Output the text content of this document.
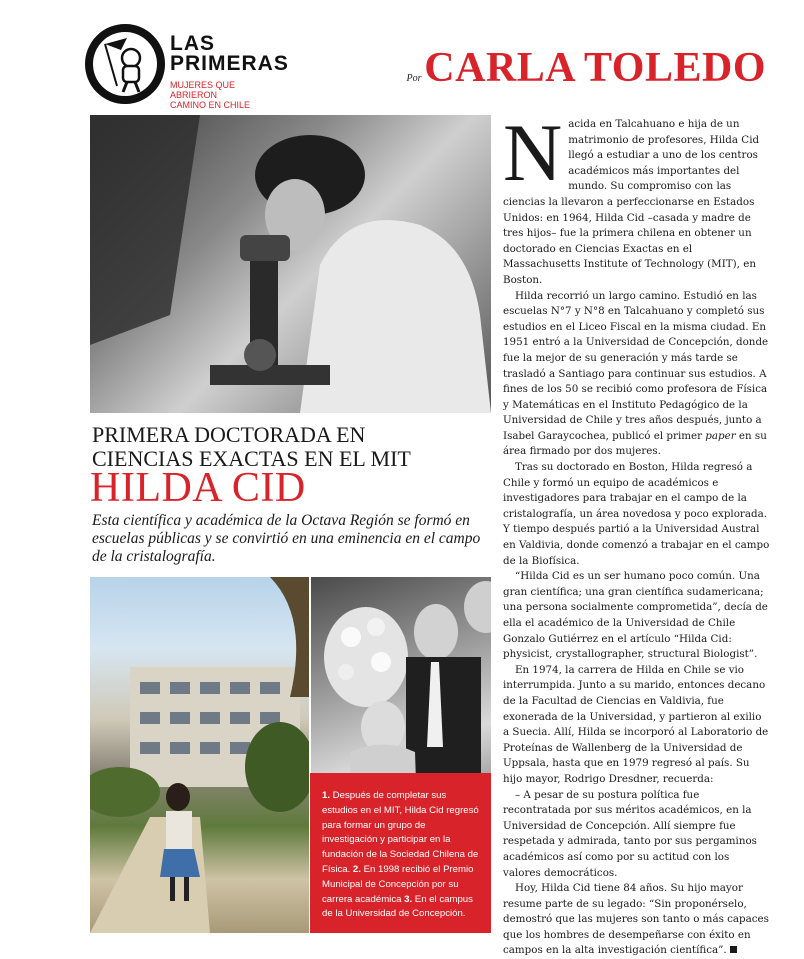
LAS
PRIMERAS
MUJERES QUE ABRIERON
CAMINO EN CHILE
Por CARLA TOLEDO
PRIMERA DOCTORADA EN
CIENCIAS EXACTAS EN EL MIT
HILDA CID
Esta científica y académica de la Octava Región se formó en escuelas públicas y se convirtió en una eminencia en el campo de la cristalografía.
1. Después de completar sus estudios en el MIT, Hilda Cid regresó para formar un grupo de investigación y participar en la fundación de la Sociedad Chilena de Física. 2. En 1998 recibió el Premio Municipal de Concepción por su carrera académica 3. En el campus de la Universidad de Concepción.

Nacida en Talcahuano e hija de un matrimonio de profesores, Hilda Cid llegó a estudiar a uno de los centros académicos más importantes del mundo. Su compromiso con las ciencias la llevaron a perfeccionarse en Estados Unidos: en 1964, Hilda Cid –casada y madre de tres hijos– fue la primera chilena en obtener un doctorado en Ciencias Exactas en el Massachusetts Institute of Technology (MIT), en Boston.

Hilda recorrió un largo camino. Estudió en las escuelas N°7 y N°8 en Talcahuano y completó sus estudios en el Liceo Fiscal en la misma ciudad. En 1951 entró a la Universidad de Concepción, donde fue la mejor de su generación y más tarde se trasladó a Santiago para continuar sus estudios. A fines de los 50 se recibió como profesora de Física y Matemáticas en el Instituto Pedagógico de la Universidad de Chile y tres años después, junto a Isabel Garaycochea, publicó el primer paper en su área firmado por dos mujeres.

Tras su doctorado en Boston, Hilda regresó a Chile y formó un equipo de académicos e investigadores para trabajar en el campo de la cristalografía, un área novedosa y poco explorada. Y tiempo después partió a la Universidad Austral en Valdivia, donde comenzó a trabajar en el campo de la Biofísica.

“Hilda Cid es un ser humano poco común. Una gran científica; una gran científica sudamericana; una persona socialmente comprometida”, decía de ella el académico de la Universidad de Chile Gonzalo Gutiérrez en el artículo “Hilda Cid: physicist, crystallographer, structural Biologist”.

En 1974, la carrera de Hilda en Chile se vio interrumpida. Junto a su marido, entonces decano de la Facultad de Ciencias en Valdivia, fue exonerada de la Universidad, y partieron al exilio a Suecia. Allí, Hilda se incorporó al Laboratorio de Proteínas de Wallenberg de la Universidad de Uppsala, hasta que en 1979 regresó al país. Su hijo mayor, Rodrigo Dresdner, recuerda:

– A pesar de su postura política fue recontratada por sus méritos académicos, en la Universidad de Concepción. Allí siempre fue respetada y admirada, tanto por sus pergaminos académicos así como por su actitud con los valores democráticos.

Hoy, Hilda Cid tiene 84 años. Su hijo mayor resume parte de su legado: “Sin proponérselo, demostró que las mujeres son tanto o más capaces que los hombres de desempeñarse con éxito en campos en la alta investigación científica”.
